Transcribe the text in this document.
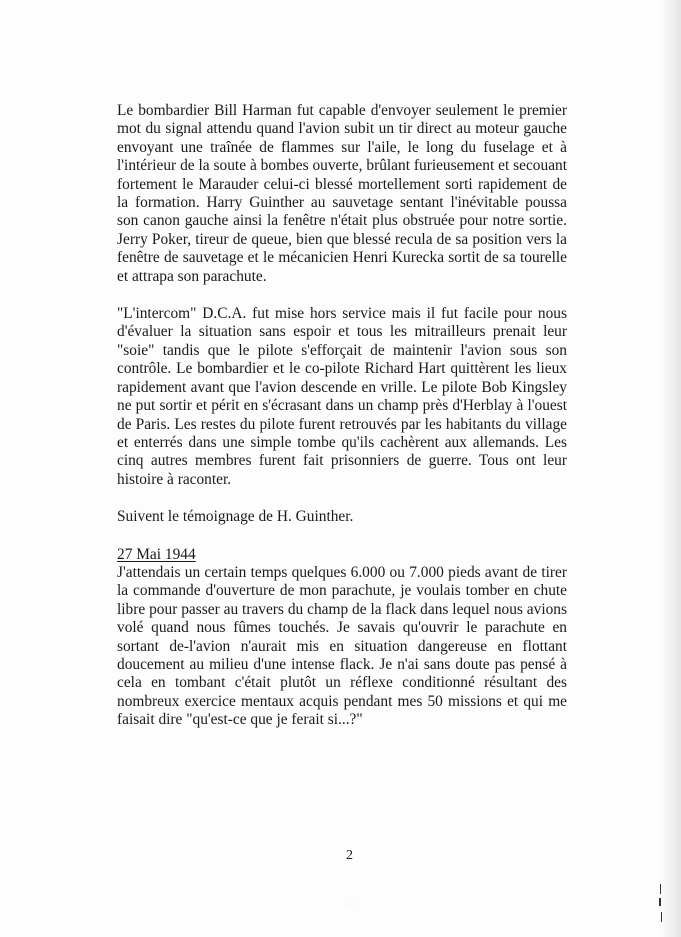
Le bombardier Bill Harman fut capable d'envoyer seulement le premier mot du signal attendu quand l'avion subit un tir direct au moteur gauche envoyant une traînée de flammes sur l'aile, le long du fuselage et à l'intérieur de la soute à bombes ouverte, brûlant furieusement et secouant fortement le Marauder celui-ci blessé mortellement sorti rapidement de la formation. Harry Guinther au sauvetage sentant l'inévitable poussa son canon gauche ainsi la fenêtre n'était plus obstruée pour notre sortie. Jerry Poker, tireur de queue, bien que blessé recula de sa position vers la fenêtre de sauvetage et le mécanicien Henri Kurecka sortit de sa tourelle et attrapa son parachute.

"L'intercom" D.C.A. fut mise hors service mais il fut facile pour nous d'évaluer la situation sans espoir et tous les mitrailleurs prenait leur "soie" tandis que le pilote s'efforçait de maintenir l'avion sous son contrôle. Le bombardier et le co-pilote Richard Hart quittèrent les lieux rapidement avant que l'avion descende en vrille. Le pilote Bob Kingsley ne put sortir et périt en s'écrasant dans un champ près d'Herblay à l'ouest de Paris. Les restes du pilote furent retrouvés par les habitants du village et enterrés dans une simple tombe qu'ils cachèrent aux allemands. Les cinq autres membres furent fait prisonniers de guerre. Tous ont leur histoire à raconter.

Suivent le témoignage de H. Guinther.

27 Mai 1944

J'attendais un certain temps quelques 6.000 ou 7.000 pieds avant de tirer la commande d'ouverture de mon parachute, je voulais tomber en chute libre pour passer au travers du champ de la flack dans lequel nous avions volé quand nous fûmes touchés. Je savais qu'ouvrir le parachute en sortant de-l'avion n'aurait mis en situation dangereuse en flottant doucement au milieu d'une intense flack. Je n'ai sans doute pas pensé à cela en tombant c'était plutôt un réflexe conditionné résultant des nombreux exercice mentaux acquis pendant mes 50 missions et qui me faisait dire "qu'est-ce que je ferait si...?"

2
· ·
